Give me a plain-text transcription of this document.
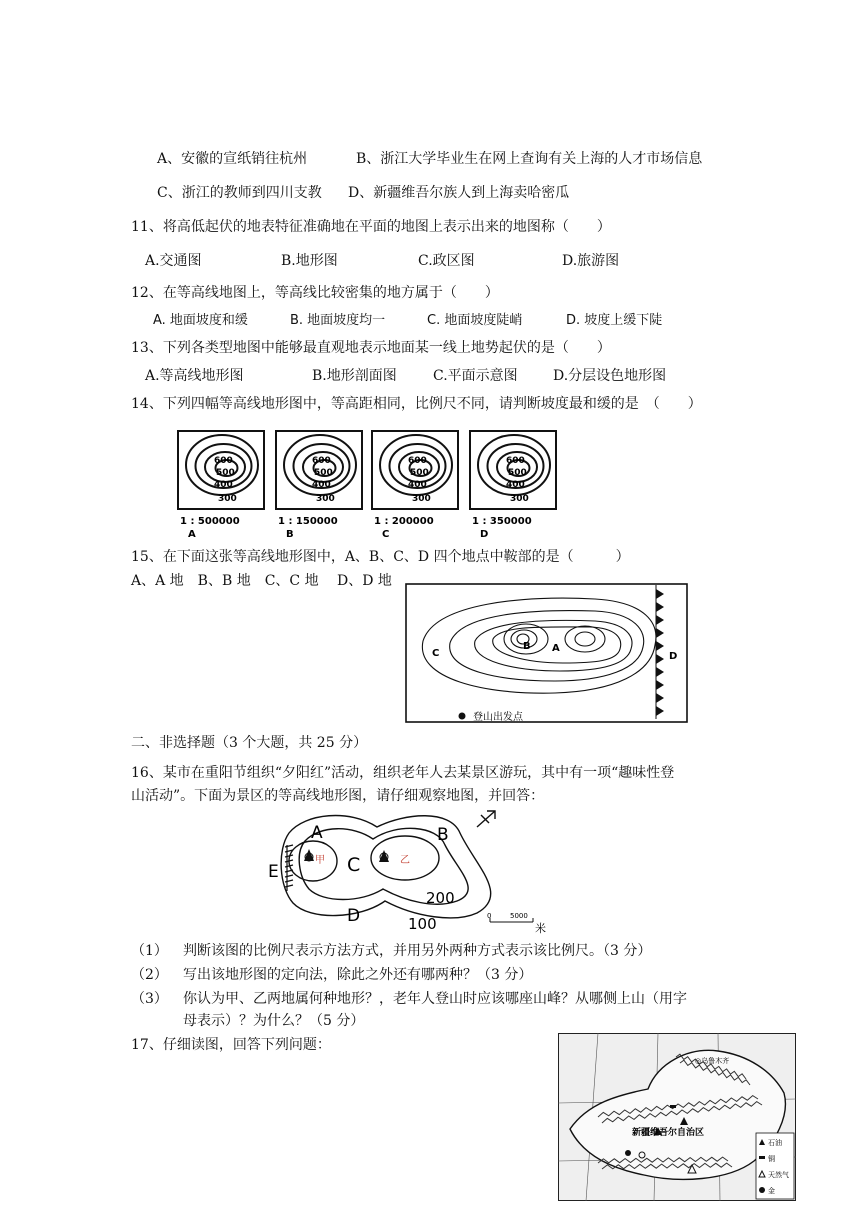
A、安徽的宣纸销往杭州	B、浙江大学毕业生在网上查询有关上海的人才市场信息
C、浙江的教师到四川支教 D、新疆维吾尔族人到上海卖哈密瓜
11、将高低起伏的地表特征准确地在平面的地图上表示出来的地图称（　　）
A.交通图	B.地形图	C.政区图	D.旅游图
12、在等高线地图上，等高线比较密集的地方属于（　　）
A. 地面坡度和缓	B. 地面坡度均一	C. 地面坡度陡峭	D. 坡度上缓下陡
13、下列各类型地图中能够最直观地表示地面某一线上地势起伏的是（　　）
A.等高线地形图	B.地形剖面图	C.平面示意图	D.分层设色地形图
14、下列四幅等高线地形图中，等高距相同，比例尺不同，请判断坡度最和缓的是　（　　）
600
500
400
300
1 : 500000
A
600
500
400
300
1 : 150000
B
600
500
400
300
1 : 200000
C
600
500
400
300
1 : 350000
D
15、在下面这张等高线地形图中，A、B、C、D 四个地点中鞍部的是（　　　）
A、A 地　B、B 地　C、C 地　 D、D 地
C
B A
D
登山出发点
二、非选择题（3 个大题，共 25 分）
16、某市在重阳节组织“夕阳红”活动，组织老年人去某景区游玩，其中有一项“趣味性登
山活动”。下面为景区的等高线地形图，请仔细观察地图，并回答：
甲	乙
A	B
C
D
E
200
100	0	5000
米
（1） 判断该图的比例尺表示方法方式，并用另外两种方式表示该比例尺。（3 分）
（2） 写出该地形图的定向法，除此之外还有哪两种？（3 分）
（3） 你认为甲、乙两地属何种地形？，老年人登山时应该哪座山峰？从哪侧上山（用字
母表示）？为什么？（5 分）
17、仔细读图，回答下列问题：
◎乌鲁木齐
新疆维吾尔自治区
石油
铜
天然气
金
